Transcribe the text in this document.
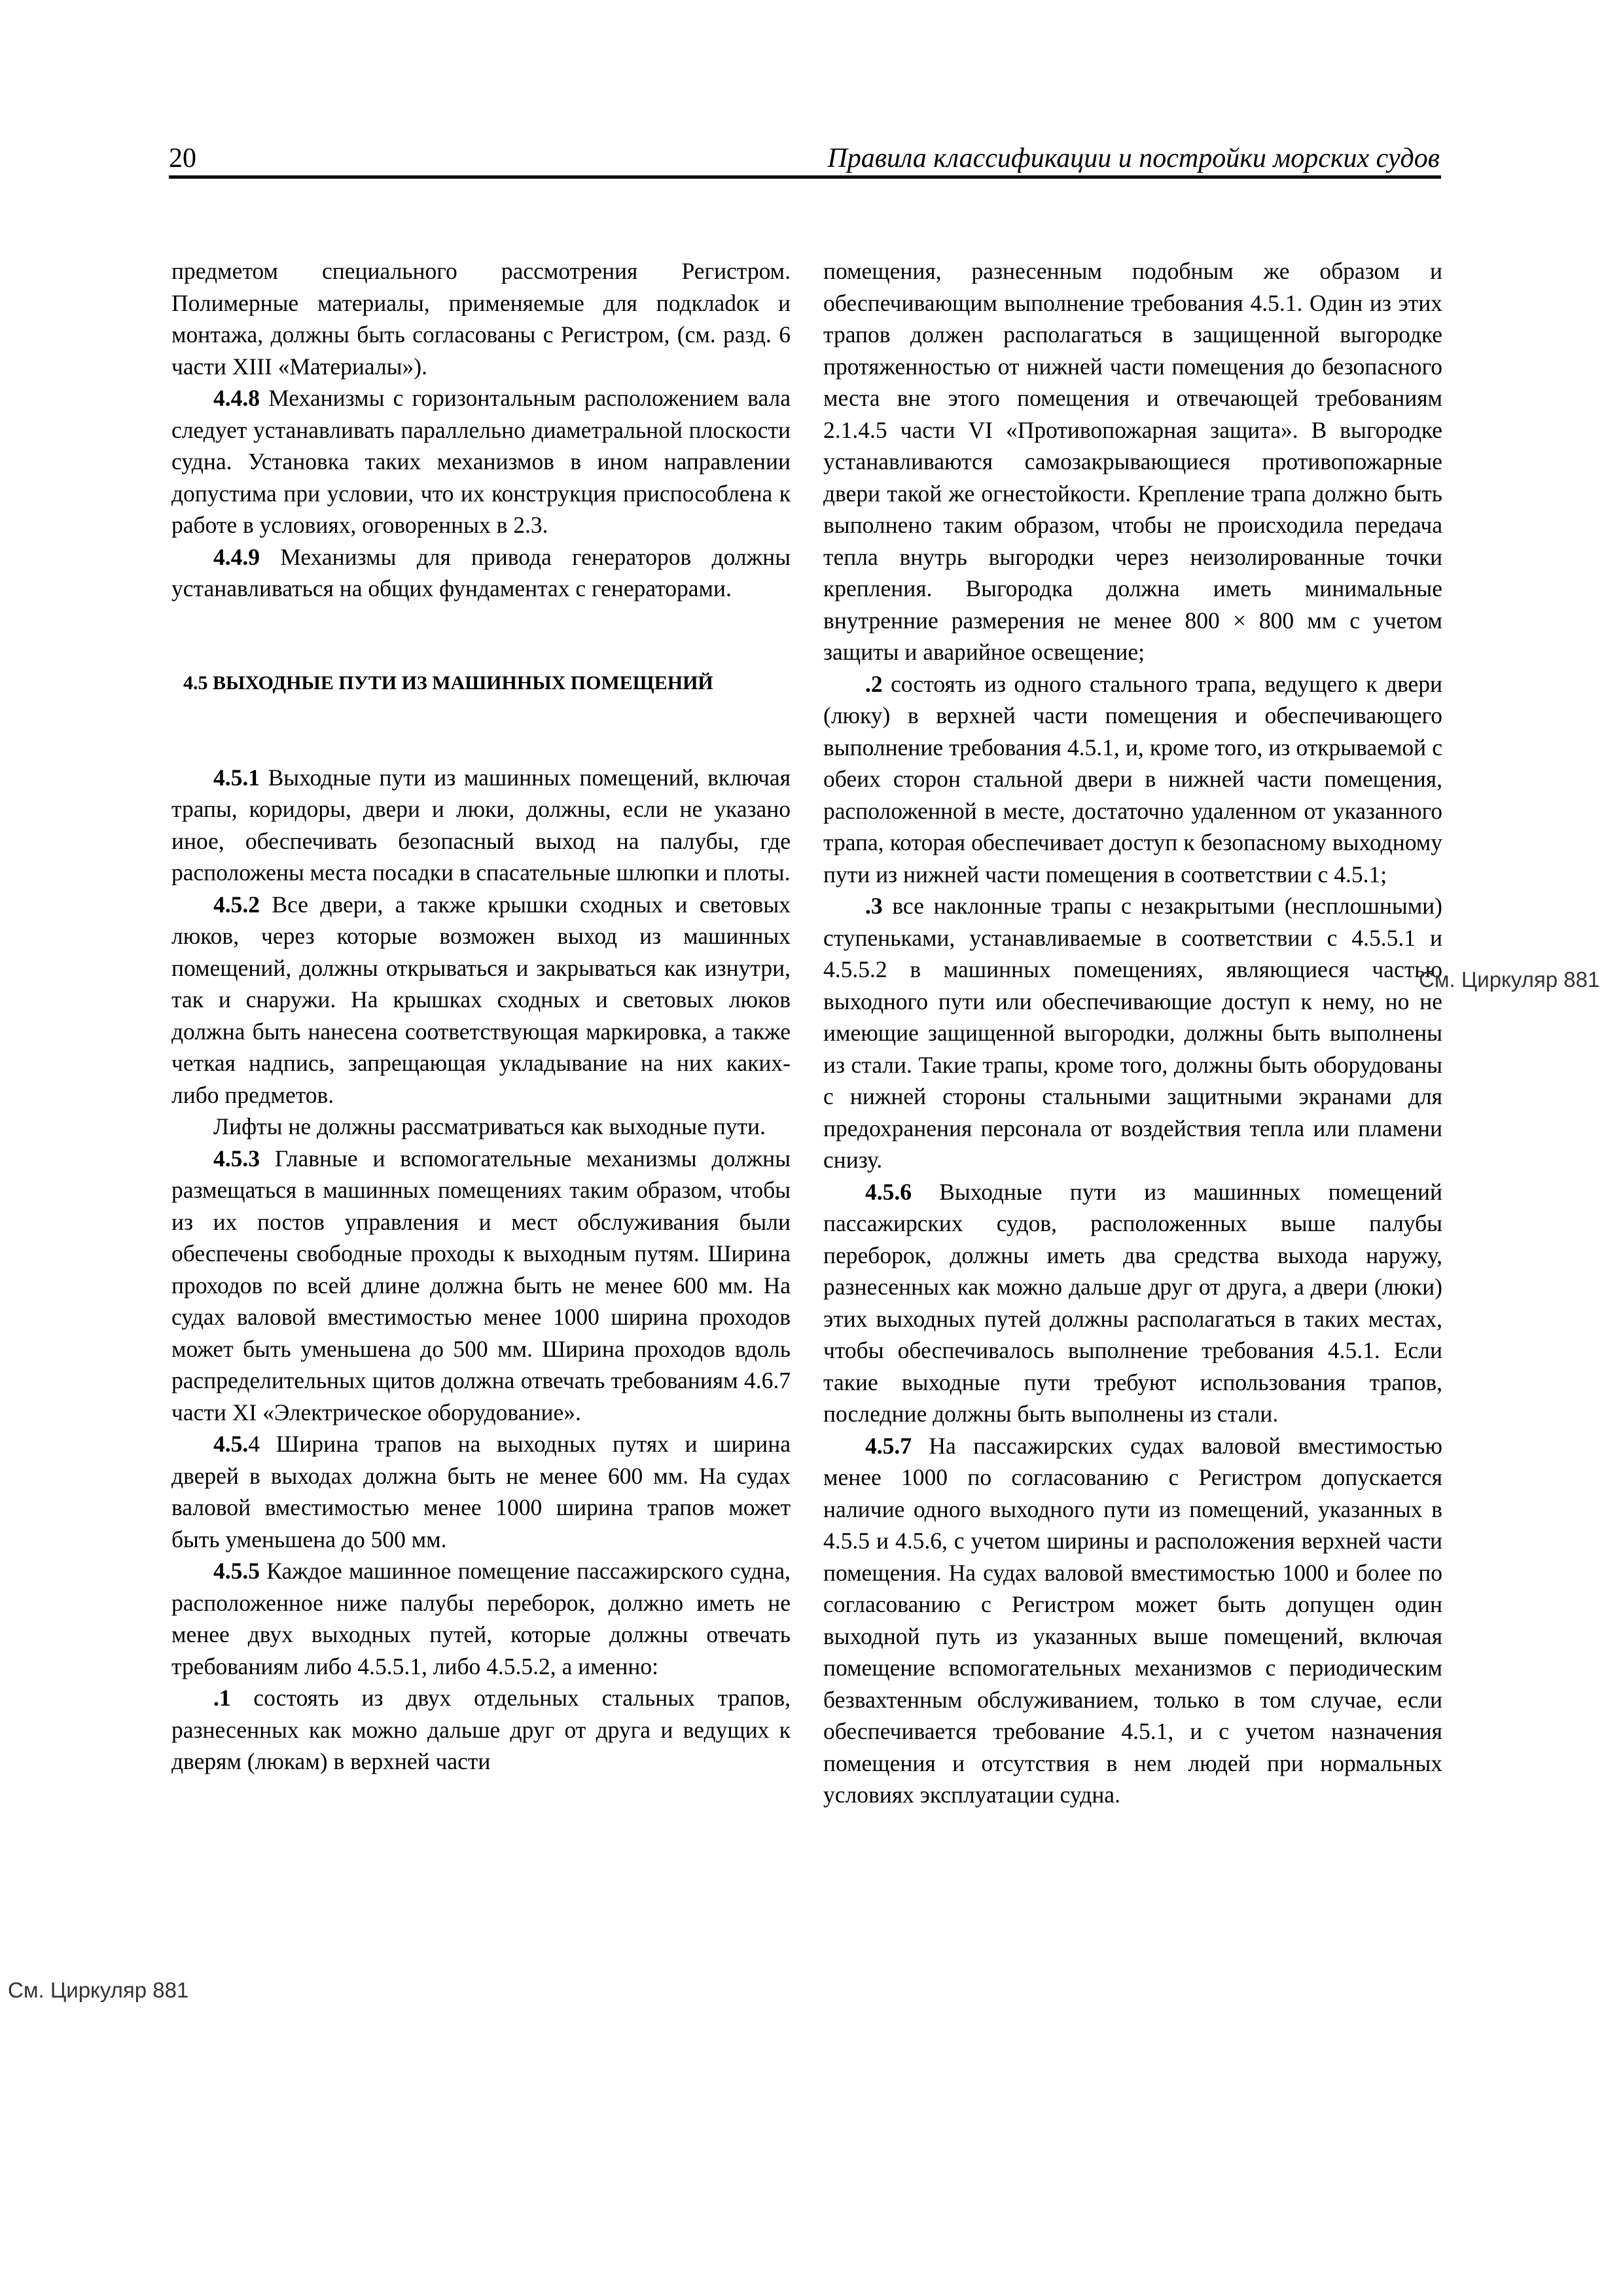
20	Правила классификации и постройки морских судов

предметом специального рассмотрения Регистром. Полимерные материалы, применяемые для подклаdок и монтажа, должны быть согласованы с Регистром, (см. разд. 6 части XIII «Материалы»).

4.4.8 Механизмы с горизонтальным расположением вала следует устанавливать параллельно диаметральной плоскости судна. Установка таких механизмов в ином направлении допустима при условии, что их конструкция приспособлена к работе в условиях, оговоренных в 2.3.

4.4.9 Механизмы для привода генераторов должны устанавливаться на общих фундаментах с генераторами.

4.5 ВЫХОДНЫЕ ПУТИ ИЗ МАШИННЫХ ПОМЕЩЕНИЙ

4.5.1 Выходные пути из машинных помещений, включая трапы, коридоры, двери и люки, должны, если не указано иное, обеспечивать безопасный выход на палубы, где расположены места посадки в спасательные шлюпки и плоты.

4.5.2 Все двери, а также крышки сходных и световых люков, через которые возможен выход из машинных помещений, должны открываться и закрываться как изнутри, так и снаружи. На крышках сходных и световых люков должна быть нанесена соответствующая маркировка, а также четкая надпись, запрещающая укладывание на них каких-либо предметов.

Лифты не должны рассматриваться как выходные пути.

4.5.3 Главные и вспомогательные механизмы должны размещаться в машинных помещениях таким образом, чтобы из их постов управления и мест обслуживания были обеспечены свободные проходы к выходным путям. Ширина проходов по всей длине должна быть не менее 600 мм. На судах валовой вместимостью менее 1000 ширина проходов может быть уменьшена до 500 мм. Ширина проходов вдоль распределительных щитов должна отвечать требованиям 4.6.7 части XI «Электрическое оборудование».

4.5.4 Ширина трапов на выходных путях и ширина дверей в выходах должна быть не менее 600 мм. На судах валовой вместимостью менее 1000 ширина трапов может быть уменьшена до 500 мм.

4.5.5 Каждое машинное помещение пассажирского судна, расположенное ниже палубы переборок, должно иметь не менее двух выходных путей, которые должны отвечать требованиям либо 4.5.5.1, либо 4.5.5.2, а именно:

.1 состоять из двух отдельных стальных трапов, разнесенных как можно дальше друг от друга и ведущих к дверям (люкам) в верхней части

помещения, разнесенным подобным же образом и обеспечивающим выполнение требования 4.5.1. Один из этих трапов должен располагаться в защищенной выгородке протяженностью от нижней части помещения до безопасного места вне этого помещения и отвечающей требованиям 2.1.4.5 части VI «Противопожарная защита». В выгородке устанавливаются самозакрывающиеся противопожарные двери такой же огнестойкости. Крепление трапа должно быть выполнено таким образом, чтобы не происходила передача тепла внутрь выгородки через неизолированные точки крепления. Выгородка должна иметь минимальные внутренние размерения не менее 800 × 800 мм с учетом защиты и аварийное освещение;

.2 состоять из одного стального трапа, ведущего к двери (люку) в верхней части помещения и обеспечивающего выполнение требования 4.5.1, и, кроме того, из открываемой с обеих сторон стальной двери в нижней части помещения, расположенной в месте, достаточно удаленном от указанного трапа, которая обеспечивает доступ к безопасному выходному пути из нижней части помещения в соответствии с 4.5.1;

.3 все наклонные трапы с незакрытыми (несплошными) ступеньками, устанавливаемые в соответствии с 4.5.5.1 и 4.5.5.2 в машинных помещениях, являющиеся частью выходного пути или обеспечивающие доступ к нему, но не имеющие защищенной выгородки, должны быть выполнены из стали. Такие трапы, кроме того, должны быть оборудованы с нижней стороны стальными защитными экранами для предохранения персонала от воздействия тепла или пламени снизу.

4.5.6 Выходные пути из машинных помещений пассажирских судов, расположенных выше палубы переборок, должны иметь два средства выхода наружу, разнесенных как можно дальше друг от друга, а двери (люки) этих выходных путей должны располагаться в таких местах, чтобы обеспечивалось выполнение требования 4.5.1. Если такие выходные пути требуют использования трапов, последние должны быть выполнены из стали.

4.5.7 На пассажирских судах валовой вместимостью менее 1000 по согласованию с Регистром допускается наличие одного выходного пути из помещений, указанных в 4.5.5 и 4.5.6, с учетом ширины и расположения верхней части помещения. На судах валовой вместимостью 1000 и более по согласованию с Регистром может быть допущен один выходной путь из указанных выше помещений, включая помещение вспомогательных механизмов с периодическим безвахтенным обслуживанием, только в том случае, если обеспечивается требование 4.5.1, и с учетом назначения помещения и отсутствия в нем людей при нормальных условиях эксплуатации судна.

См. Циркуляр 881
См. Циркуляр 881
